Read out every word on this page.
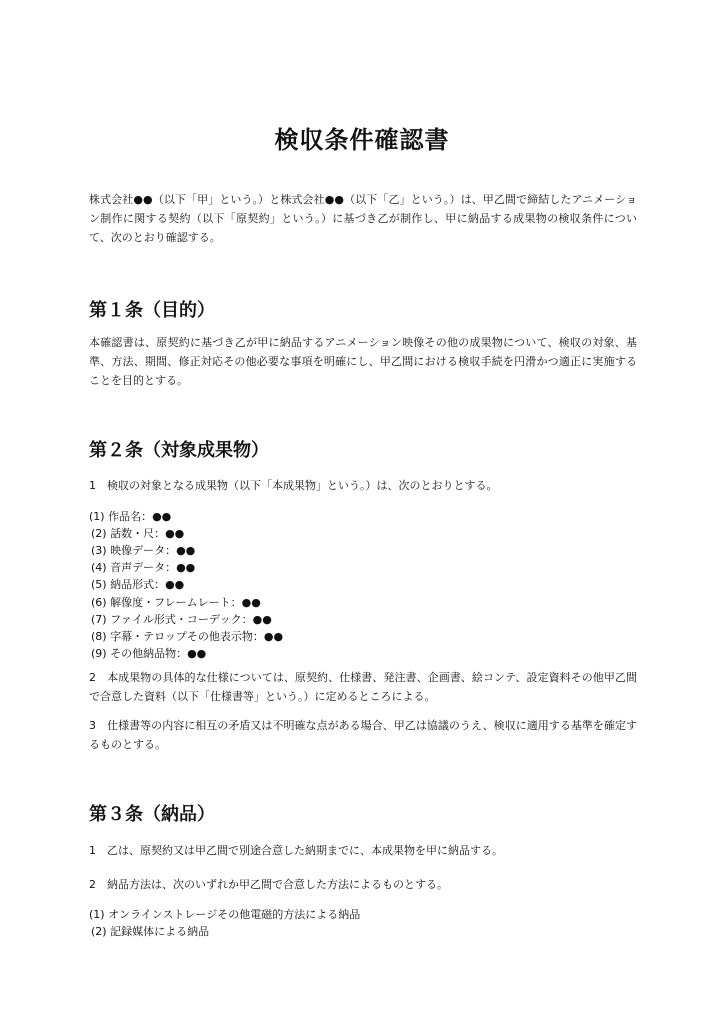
検収条件確認書
株式会社●●（以下「甲」という。）と株式会社●●（以下「乙」という。）は、甲乙間で締結したアニメーション制作に関する契約（以下「原契約」という。）に基づき乙が制作し、甲に納品する成果物の検収条件について、次のとおり確認する。
第１条（目的）
本確認書は、原契約に基づき乙が甲に納品するアニメーション映像その他の成果物について、検収の対象、基準、方法、期間、修正対応その他必要な事項を明確にし、甲乙間における検収手続を円滑かつ適正に実施することを目的とする。
第２条（対象成果物）
1　検収の対象となる成果物（以下「本成果物」という。）は、次のとおりとする。
(1) 作品名：●●
(2) 話数・尺：●●
(3) 映像データ：●●
(4) 音声データ：●●
(5) 納品形式：●●
(6) 解像度・フレームレート：●●
(7) ファイル形式・コーデック：●●
(8) 字幕・テロップその他表示物：●●
(9) その他納品物：●●
2　本成果物の具体的な仕様については、原契約、仕様書、発注書、企画書、絵コンテ、設定資料その他甲乙間で合意した資料（以下「仕様書等」という。）に定めるところによる。
3　仕様書等の内容に相互の矛盾又は不明確な点がある場合、甲乙は協議のうえ、検収に適用する基準を確定するものとする。
第３条（納品）
1　乙は、原契約又は甲乙間で別途合意した納期までに、本成果物を甲に納品する。
2　納品方法は、次のいずれか甲乙間で合意した方法によるものとする。
(1) オンラインストレージその他電磁的方法による納品
(2) 記録媒体による納品
